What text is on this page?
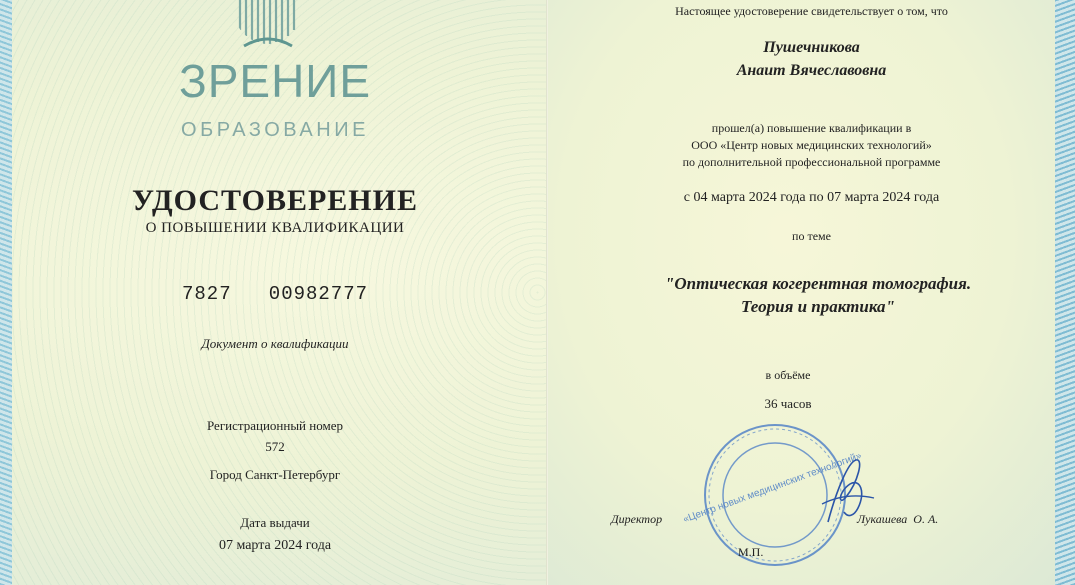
ЗРЕНИЕ
ОБРАЗОВАНИЕ
УДОСТОВЕРЕНИЕ
О ПОВЫШЕНИИ КВАЛИФИКАЦИИ
7827   00982777
Документ о квалификации
Регистрационный номер
572
Город Санкт-Петербург
Дата выдачи
07 марта 2024 года
Настоящее удостоверение свидетельствует о том, что
Пушечникова
Анаит Вячеславовна
прошел(а) повышение квалификации в
ООО «Центр новых медицинских технологий»
по дополнительной профессиональной программе
с 04 марта 2024 года по 07 марта 2024 года
по теме
"Оптическая когерентная томография.
Теория и практика"
в объёме
36 часов
«Центр новых медицинских технологий»
Директор	Лукашева  О. А.
М.П.
